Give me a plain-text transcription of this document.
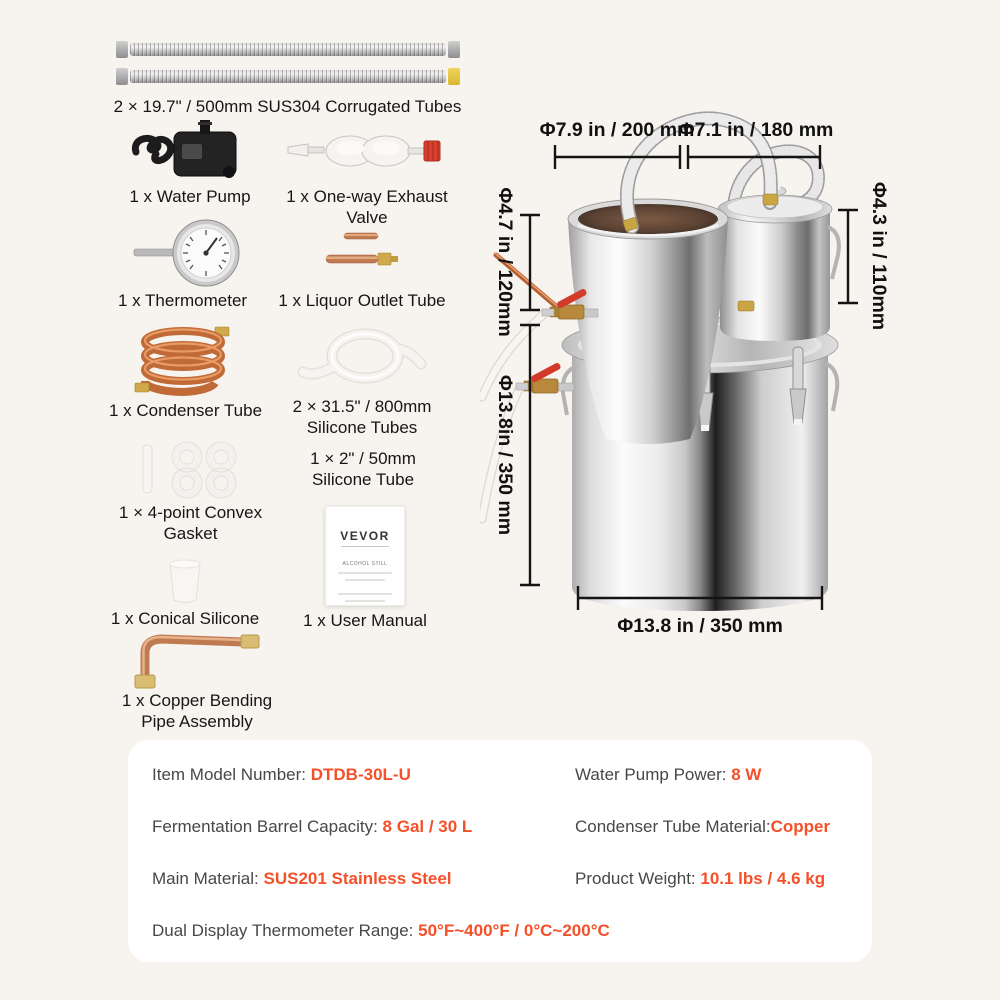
2 × 19.7" / 500mm SUS304 Corrugated Tubes
1 x Water Pump	1 x One-way Exhaust Valve
1 x Thermometer 1 x Liquor Outlet Tube
1 x Condenser Tube	2 × 31.5" / 800mm Silicone Tubes
1 × 4-point Convex Gasket
1 × 2" / 50mm Silicone Tube
VEVOR
ALCOHOL STILL
1 x User Manual
1 x Conical Silicone
1 x Copper Bending Pipe Assembly
Φ7.9 in / 200 mm
Φ7.1 in / 180 mm
Φ4.7 in / 120mm
Φ13.8in / 350 mm
Φ4.3 in / 110mm
Φ13.8 in / 350 mm
Item Model Number: DTDB-30L-U	Water Pump Power: 8 W
Fermentation Barrel Capacity: 8 Gal / 30 L	Condenser Tube Material:Copper
Main Material: SUS201 Stainless Steel	Product Weight: 10.1 lbs / 4.6 kg
Dual Display Thermometer Range: 50°F~400°F / 0°C~200°C
